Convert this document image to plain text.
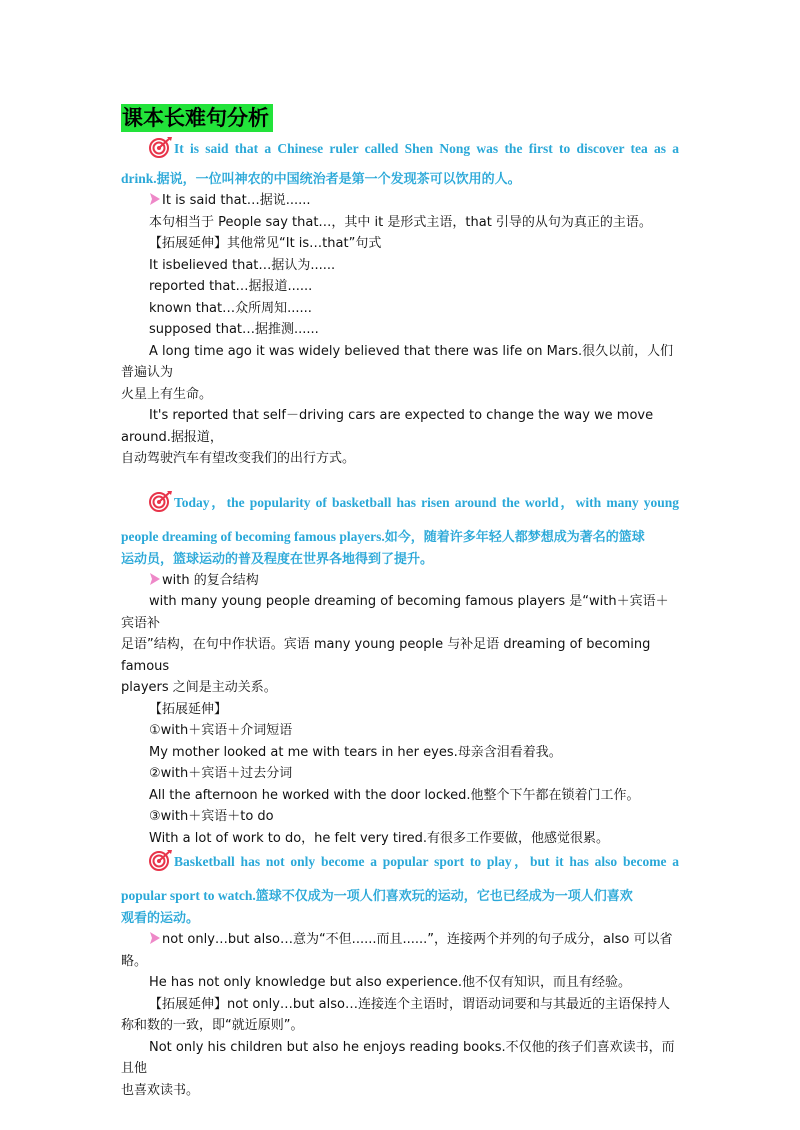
课本长难句分析

It is said that a Chinese ruler called Shen Nong was the first to discover tea as a

drink.据说，一位叫神农的中国统治者是第一个发现茶可以饮用的人。

It is said that…据说......

本句相当于 People say that…，其中 it 是形式主语，that 引导的从句为真正的主语。

【拓展延伸】其他常见“It is…that”句式

It isbelieved that…据认为......

reported that…据报道......

known that…众所周知......

supposed that…据推测......

A long time ago it was widely believed that there was life on Mars.很久以前，人们普遍认为

火星上有生命。

It's reported that self－driving cars are expected to change the way we move around.据报道，

自动驾驶汽车有望改变我们的出行方式。

Today，the popularity of basketball has risen around the world，with many young

people dreaming of becoming famous players.如今，随着许多年轻人都梦想成为著名的篮球
运动员，篮球运动的普及程度在世界各地得到了提升。

with 的复合结构

with many young people dreaming of becoming famous players 是“with＋宾语＋宾语补

足语”结构，在句中作状语。宾语 many young people 与补足语 dreaming of becoming famous

players 之间是主动关系。

【拓展延伸】

①with＋宾语＋介词短语

My mother looked at me with tears in her eyes.母亲含泪看着我。

②with＋宾语＋过去分词

All the afternoon he worked with the door locked.他整个下午都在锁着门工作。

③with＋宾语＋to do

With a lot of work to do，he felt very tired.有很多工作要做，他感觉很累。

Basketball has not only become a popular sport to play，but it has also become a

popular sport to watch.篮球不仅成为一项人们喜欢玩的运动，它也已经成为一项人们喜欢
观看的运动。

not only…but also…意为“不但......而且......”，连接两个并列的句子成分，also 可以省

略。

He has not only knowledge but also experience.他不仅有知识，而且有经验。

【拓展延伸】not only…but also…连接连个主语时，谓语动词要和与其最近的主语保持人

称和数的一致，即“就近原则”。

Not only his children but also he enjoys reading books.不仅他的孩子们喜欢读书，而且他

也喜欢读书。
